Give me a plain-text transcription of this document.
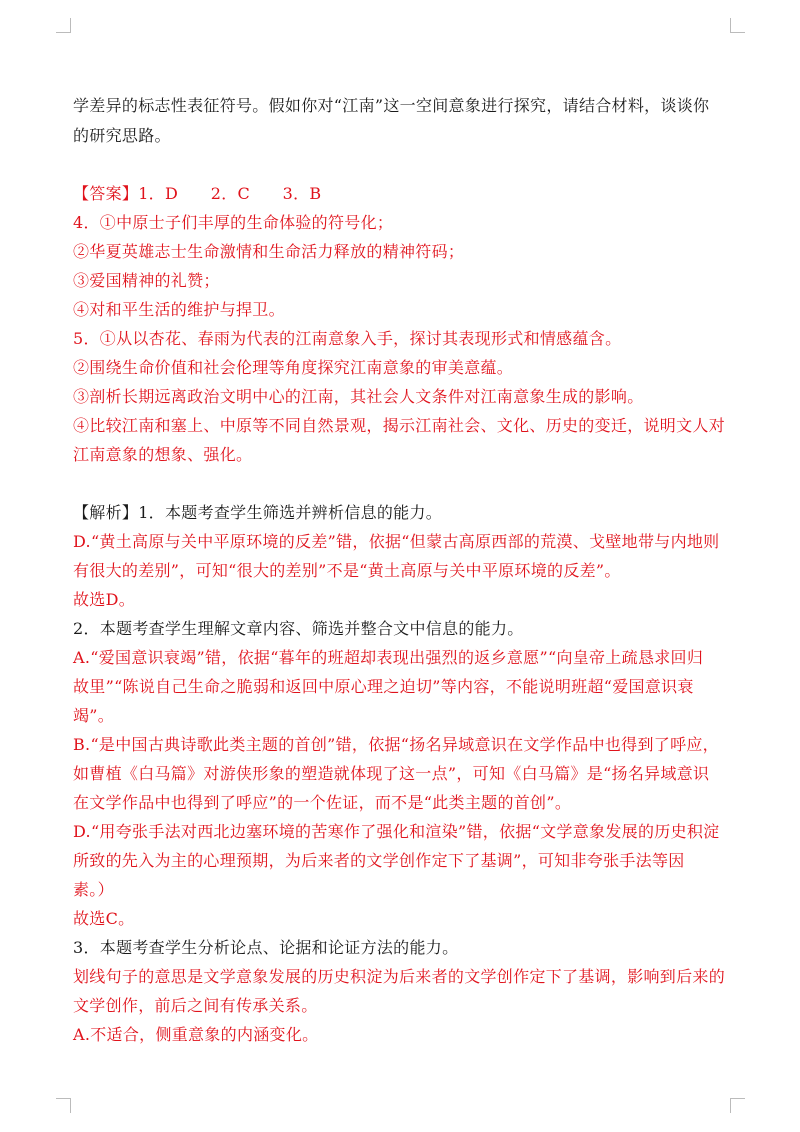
学差异的标志性表征符号。假如你对“江南”这一空间意象进行探究，请结合材料，谈谈你

的研究思路。

【答案】1．D　　2．C　　3．B

4．①中原士子们丰厚的生命体验的符号化；

②华夏英雄志士生命激情和生命活力释放的精神符码；

③爱国精神的礼赞；

④对和平生活的维护与捍卫。

5．①从以杏花、春雨为代表的江南意象入手，探讨其表现形式和情感蕴含。

②围绕生命价值和社会伦理等角度探究江南意象的审美意蕴。

③剖析长期远离政治文明中心的江南，其社会人文条件对江南意象生成的影响。

④比较江南和塞上、中原等不同自然景观，揭示江南社会、文化、历史的变迁，说明文人对

江南意象的想象、强化。

【解析】1．本题考查学生筛选并辨析信息的能力。

D.“黄土高原与关中平原环境的反差”错，依据“但蒙古高原西部的荒漠、戈壁地带与内地则

有很大的差别”，可知“很大的差别”不是“黄土高原与关中平原环境的反差”。

故选D。

2．本题考查学生理解文章内容、筛选并整合文中信息的能力。

A.“爱国意识衰竭”错，依据“暮年的班超却表现出强烈的返乡意愿”“向皇帝上疏恳求回归

故里”“陈说自己生命之脆弱和返回中原心理之迫切”等内容，不能说明班超“爱国意识衰

竭”。

B.“是中国古典诗歌此类主题的首创”错，依据“扬名异域意识在文学作品中也得到了呼应，

如曹植《白马篇》对游侠形象的塑造就体现了这一点”，可知《白马篇》是“扬名异域意识

在文学作品中也得到了呼应”的一个佐证，而不是“此类主题的首创”。

D.“用夸张手法对西北边塞环境的苦寒作了强化和渲染”错，依据“文学意象发展的历史积淀

所致的先入为主的心理预期，为后来者的文学创作定下了基调”，可知非夸张手法等因

素。）

故选C。

3．本题考查学生分析论点、论据和论证方法的能力。

划线句子的意思是文学意象发展的历史积淀为后来者的文学创作定下了基调，影响到后来的

文学创作，前后之间有传承关系。

A.不适合，侧重意象的内涵变化。
